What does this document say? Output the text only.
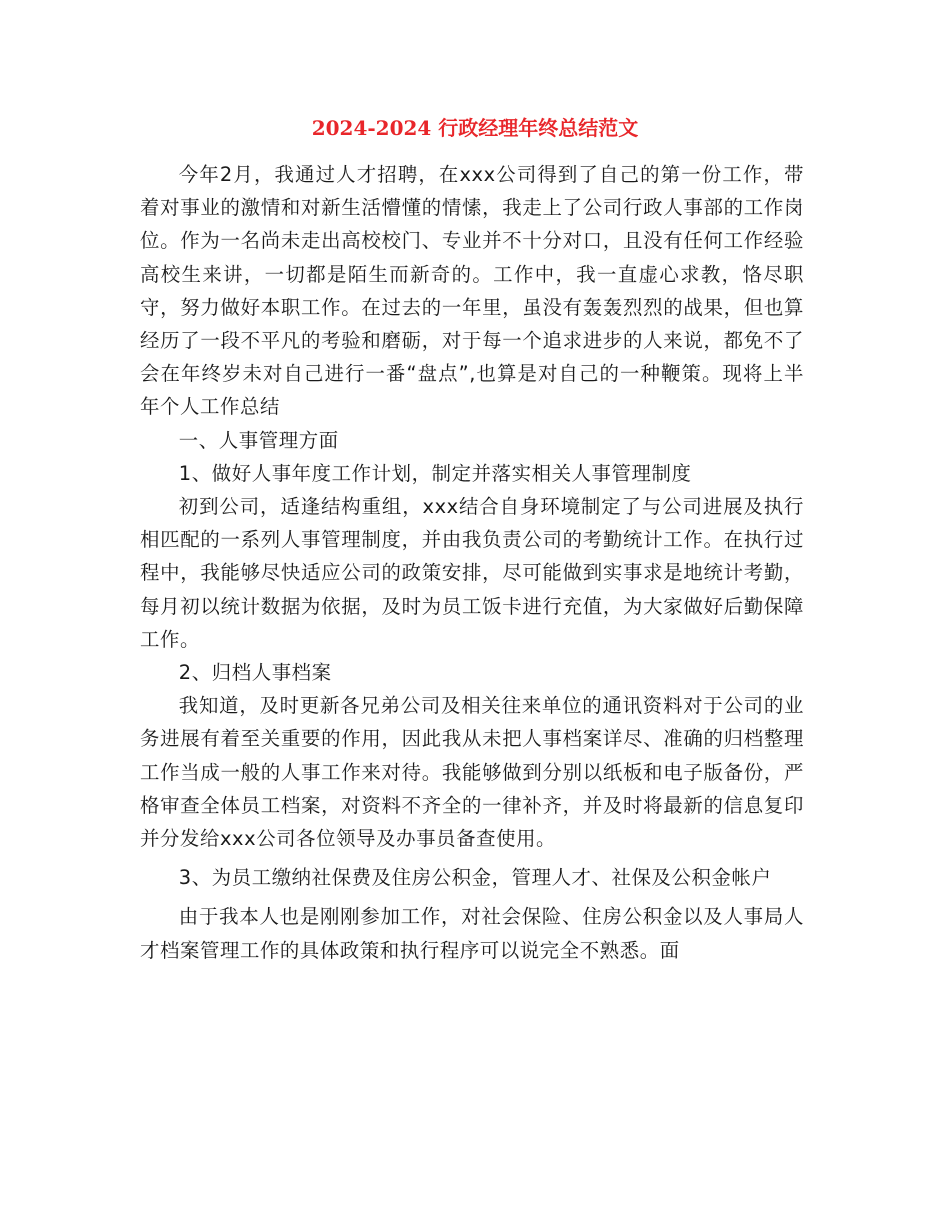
2024-2024 行政经理年终总结范文

今年2月，我通过人才招聘，在xxx公司得到了自己的第一份工作，带着对事业的激情和对新生活懵懂的情愫，我走上了公司行政人事部的工作岗位。作为一名尚未走出高校校门、专业并不十分对口，且没有任何工作经验高校生来讲，一切都是陌生而新奇的。工作中，我一直虚心求教，恪尽职守，努力做好本职工作。在过去的一年里，虽没有轰轰烈烈的战果，但也算经历了一段不平凡的考验和磨砺，对于每一个追求进步的人来说，都免不了会在年终岁未对自己进行一番“盘点”,也算是对自己的一种鞭策。现将上半年个人工作总结

一、人事管理方面

1、做好人事年度工作计划，制定并落实相关人事管理制度

初到公司，适逢结构重组，xxx结合自身环境制定了与公司进展及执行相匹配的一系列人事管理制度，并由我负责公司的考勤统计工作。在执行过程中，我能够尽快适应公司的政策安排，尽可能做到实事求是地统计考勤，每月初以统计数据为依据，及时为员工饭卡进行充值，为大家做好后勤保障工作。

2、归档人事档案

我知道，及时更新各兄弟公司及相关往来单位的通讯资料对于公司的业务进展有着至关重要的作用，因此我从未把人事档案详尽、准确的归档整理工作当成一般的人事工作来对待。我能够做到分别以纸板和电子版备份，严格审查全体员工档案，对资料不齐全的一律补齐，并及时将最新的信息复印并分发给xxx公司各位领导及办事员备查使用。

3、为员工缴纳社保费及住房公积金，管理人才、社保及公积金帐户

由于我本人也是刚刚参加工作，对社会保险、住房公积金以及人事局人才档案管理工作的具体政策和执行程序可以说完全不熟悉。面
